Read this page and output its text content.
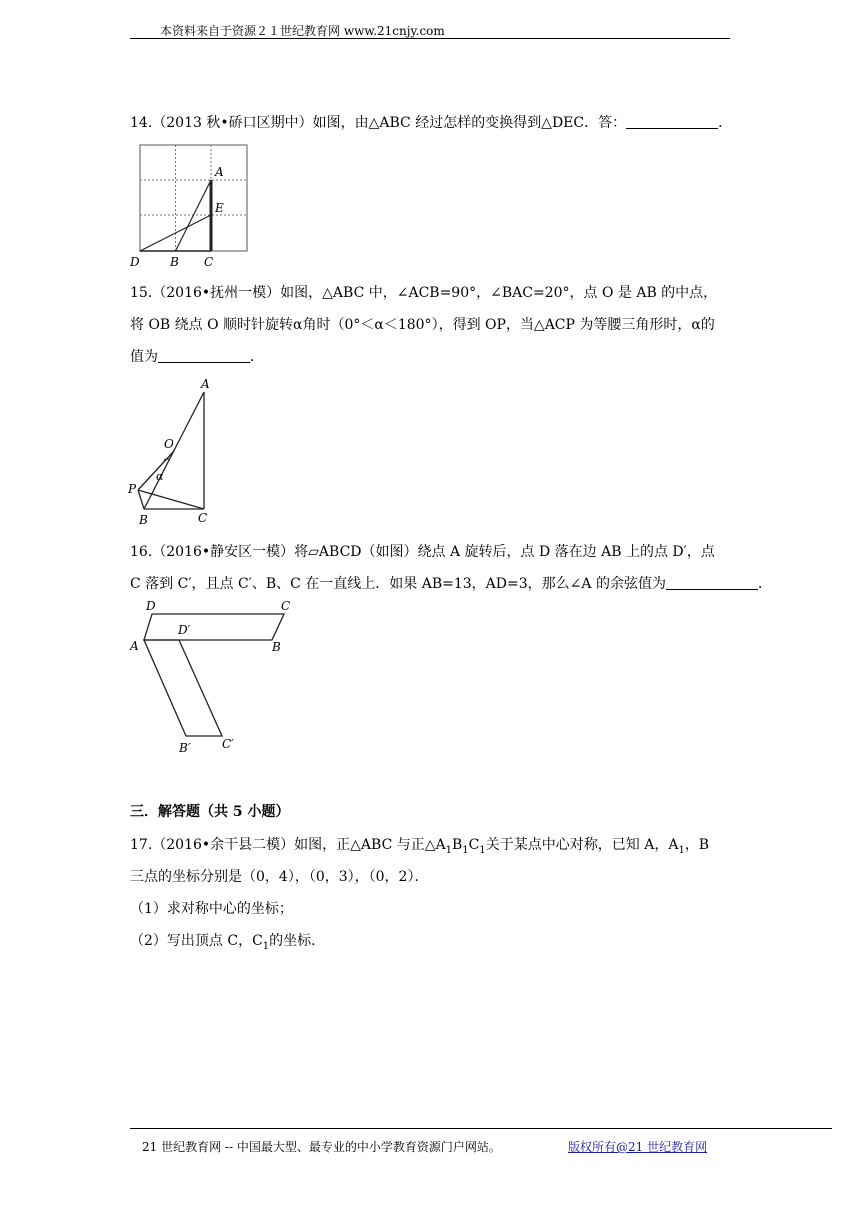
本资料来自于资源２１世纪教育网 www.21cnjy.com
14.（2013 秋•硚口区期中）如图，由△ABC 经过怎样的变换得到△DEC．答：	．
A
E
D	B C
15.（2016•抚州一模）如图，△ABC 中，∠ACB=90°，∠BAC=20°，点 O 是 AB 的中点，
将 OB 绕点 O 顺时针旋转α角时（0°＜α＜180°），得到 OP，当△ACP 为等腰三角形时，α的
值为	．
A
O
α
P
B	C
16.（2016•静安区一模）将▱ABCD（如图）绕点 A 旋转后，点 D 落在边 AB 上的点 D′，点
C 落到 C′，且点 C′、B、C 在一直线上．如果 AB=13，AD=3，那么∠A 的余弦值为	．
D	C
D′
A	B
B′	C′
三．解答题（共 5 小题）
17.（2016•余干县二模）如图，正△ABC 与正$\triangle A_1B_1C_1$关于某点中心对称，已知 A，$A_1$，B
三点的坐标分别是（0，4），（0，3），（0，2）．
（1）求对称中心的坐标；
（2）写出顶点 C，$C_1$的坐标．
21 世纪教育网 -- 中国最大型、最专业的中小学教育资源门户网站。	版权所有@21 世纪教育网
